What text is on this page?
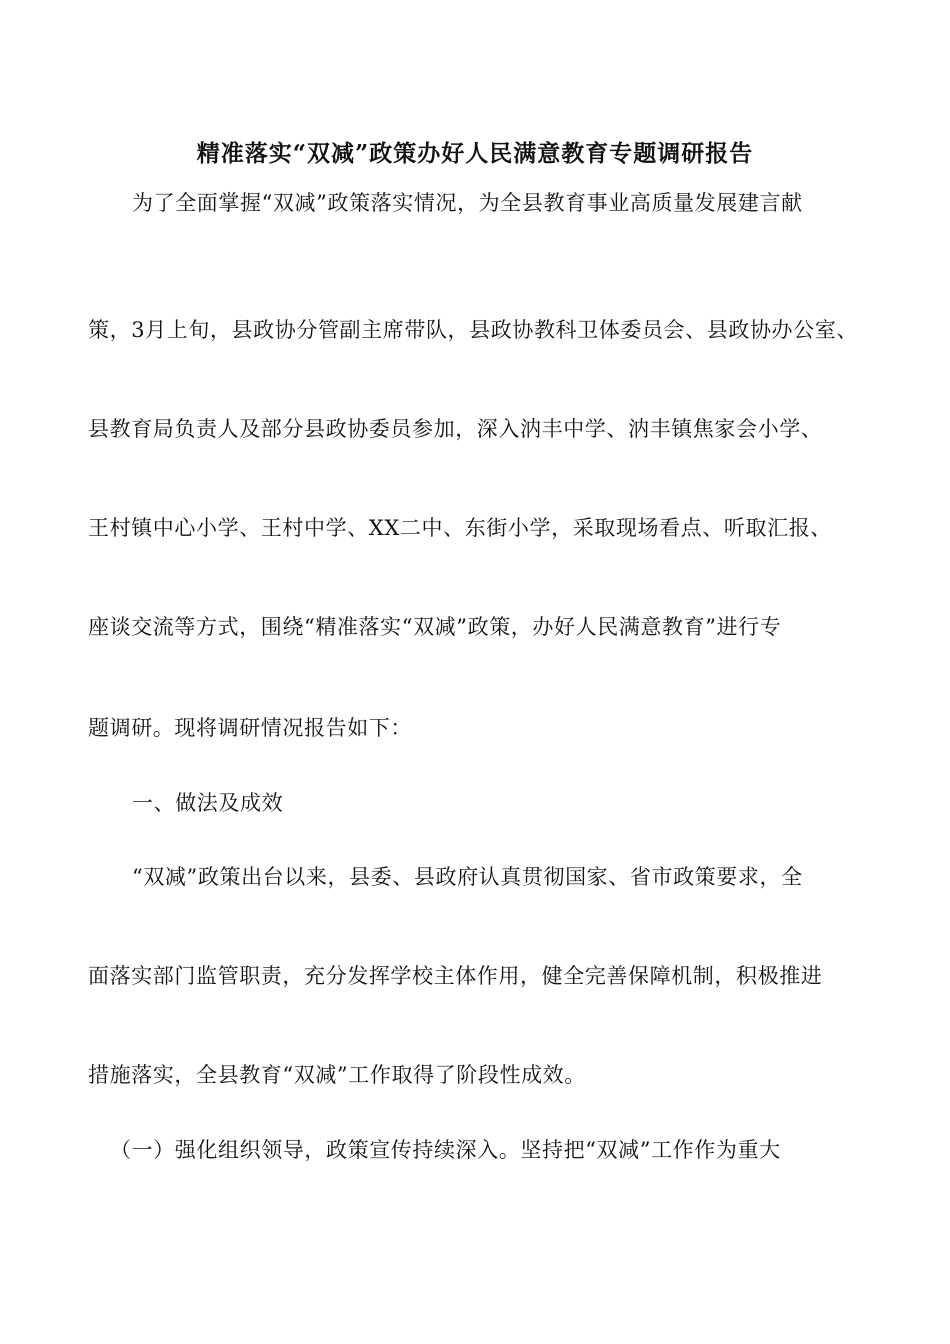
精准落实“双减”政策办好人民满意教育专题调研报告
为了全面掌握“双减”政策落实情况，为全县教育事业高质量发展建言献
策，3月上旬，县政协分管副主席带队，县政协教科卫体委员会、县政协办公室、
县教育局负责人及部分县政协委员参加，深入汭丰中学、汭丰镇焦家会小学、
王村镇中心小学、王村中学、XX二中、东街小学，采取现场看点、听取汇报、
座谈交流等方式，围绕“精准落实“双减”政策，办好人民满意教育”进行专
题调研。现将调研情况报告如下：
一、做法及成效
“双减”政策出台以来，县委、县政府认真贯彻国家、省市政策要求，全
面落实部门监管职责，充分发挥学校主体作用，健全完善保障机制，积极推进
措施落实，全县教育“双减”工作取得了阶段性成效。
（一）强化组织领导，政策宣传持续深入。坚持把“双减”工作作为重大
